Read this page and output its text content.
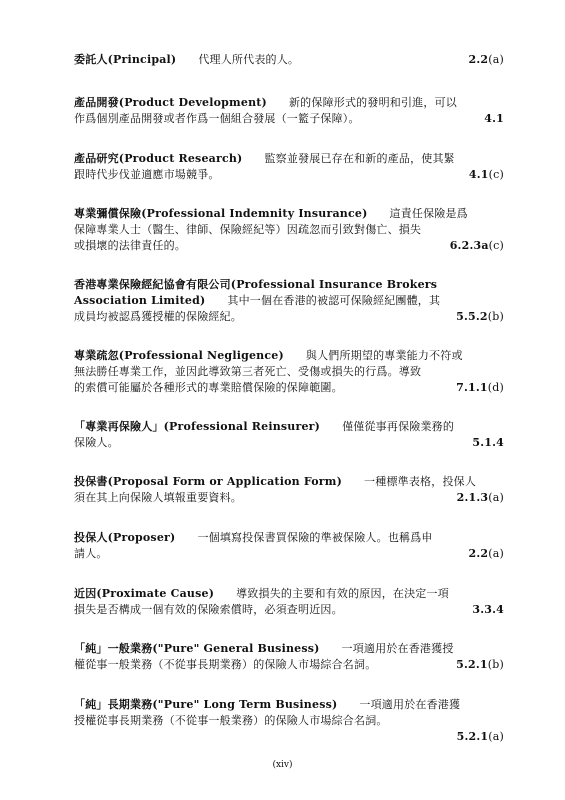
委託人(Principal) 代理人所代表的人。	2.2(a)
產品開發(Product Development) 新的保障形式的發明和引進，可以
作爲個別產品開發或者作爲一個組合發展（一籃子保障）。	4.1
產品研究(Product Research) 監察並發展已存在和新的產品，使其緊
跟時代步伐並適應市場競爭。	4.1(c)
專業彌償保險(Professional Indemnity Insurance) 這責任保險是爲
保障專業人士（醫生、律師、保險經紀等）因疏忽而引致對傷亡、損失
或損壞的法律責任的。	6.2.3a(c)
香港專業保險經紀協會有限公司(Professional Insurance Brokers
Association Limited) 其中一個在香港的被認可保險經紀團體，其
成員均被認爲獲授權的保險經紀。	5.5.2(b)
專業疏忽(Professional Negligence) 與人們所期望的專業能力不符或
無法勝任專業工作，並因此導致第三者死亡、受傷或損失的行爲。導致
的索償可能屬於各種形式的專業賠償保險的保障範圍。	7.1.1(d)
「專業再保險人」(Professional Reinsurer) 僅僅從事再保險業務的
保險人。	5.1.4
投保書(Proposal Form or Application Form) 一種標準表格，投保人
須在其上向保險人填報重要資料。	2.1.3(a)
投保人(Proposer) 一個填寫投保書買保險的準被保險人。也稱爲申
請人。	2.2(a)
近因(Proximate Cause) 導致損失的主要和有效的原因，在決定一項
損失是否構成一個有效的保險索償時，必須查明近因。	3.3.4
「純」一般業務("Pure" General Business) 一項適用於在香港獲授
權從事一般業務（不從事長期業務）的保險人市場綜合名詞。	5.2.1(b)
「純」長期業務("Pure" Long Term Business) 一項適用於在香港獲
授權從事長期業務（不從事一般業務）的保險人市場綜合名詞。
5.2.1(a)
(xiv)
